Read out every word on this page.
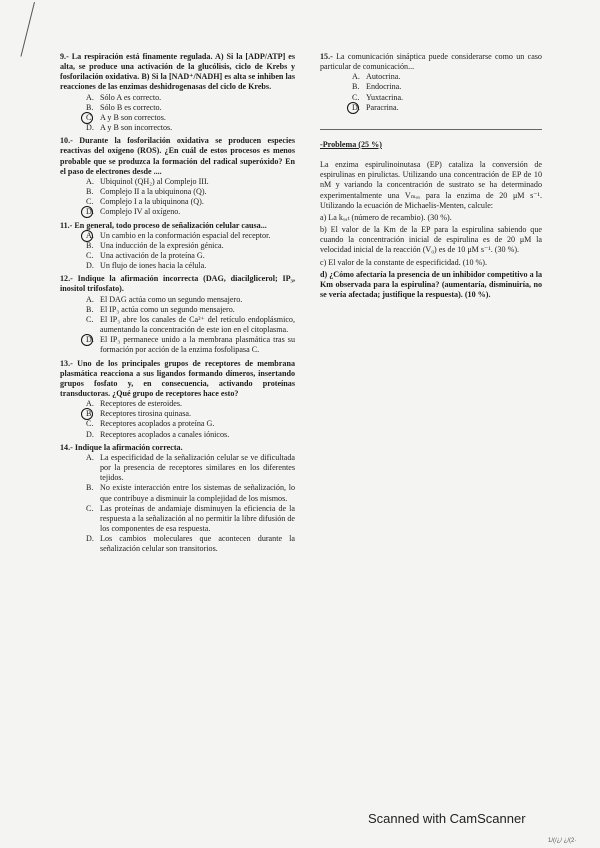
9.- La respiración está finamente regulada. A) Si la [ADP/ATP] es alta, se produce una activación de la glucólisis, ciclo de Krebs y fosforilación oxidativa. B) Si la [NAD⁺/NADH] es alta se inhiben las reacciones de las enzimas deshidrogenasas del ciclo de Krebs.
A. Sólo A es correcto.
B. Sólo B es correcto.
C. A y B son correctos.
D. A y B son incorrectos.
10.- Durante la fosforilación oxidativa se producen especies reactivas del oxígeno (ROS). ¿En cuál de estos procesos es menos probable que se produzca la formación del radical superóxido? En el paso de electrones desde ....
A. Ubiquinol (QH₂) al Complejo III.
B. Complejo II a la ubiquinona (Q).
C. Complejo I a la ubiquinona (Q).
D. Complejo IV al oxígeno.
11.- En general, todo proceso de señalización celular causa...
A. Un cambio en la conformación espacial del receptor.
B. Una inducción de la expresión génica.
C. Una activación de la proteína G.
D. Un flujo de iones hacia la célula.
12.- Indique la afirmación incorrecta (DAG, diacilglicerol; IP₃, inositol trifosfato).
A. El DAG actúa como un segundo mensajero.
B. El IP₃ actúa como un segundo mensajero.
C. El IP₃ abre los canales de Ca²⁺ del retículo endoplásmico, aumentando la concentración de este ion en el citoplasma.
D. El IP₃ permanece unido a la membrana plasmática tras su formación por acción de la enzima fosfolipasa C.
13.- Uno de los principales grupos de receptores de membrana plasmática reacciona a sus ligandos formando dímeros, insertando grupos fosfato y, en consecuencia, activando proteínas transductoras. ¿Qué grupo de receptores hace esto?
A. Receptores de esteroides.
B. Receptores tirosina quinasa.
C. Receptores acoplados a proteína G.
D. Receptores acoplados a canales iónicos.
14.- Indique la afirmación correcta.
A. La especificidad de la señalización celular se ve dificultada por la presencia de receptores similares en los diferentes tejidos.
B. No existe interacción entre los sistemas de señalización, lo que contribuye a disminuir la complejidad de los mismos.
C. Las proteínas de andamiaje disminuyen la eficiencia de la respuesta a la señalización al no permitir la libre difusión de los componentes de esa respuesta.
D. Los cambios moleculares que acontecen durante la señalización celular son transitorios.
15.- La comunicación sináptica puede considerarse como un caso particular de comunicación...
A. Autocrina.
B. Endocrina.
C. Yuxtacrina.
D. Paracrina.
-Problema (25 %)
La enzima espirulinoinutasa (EP) cataliza la conversión de espirulinas en pirulictas. Utilizando una concentración de EP de 10 nM y variando la concentración de sustrato se ha determinado experimentalmente una Vₘₐₓ para la enzima de 20 μM s⁻¹. Utilizando la ecuación de Michaelis-Menten, calcule:
a) La kₓₐₜ (número de recambio). (30 %).
b) El valor de la Km de la EP para la espirulina sabiendo que cuando la concentración inicial de espirulina es de 20 μM la velocidad inicial de la reacción (V₀) es de 10 μM s⁻¹. (30 %).
c) El valor de la constante de especificidad. (10 %).
d) ¿Cómo afectaría la presencia de un inhibidor competitivo a la Km observada para la espirulina? (aumentaría, disminuiría, no se vería afectada; justifique la respuesta). (10 %).
Scanned with CamScanner
1/(/¿/ ¿/(2·
